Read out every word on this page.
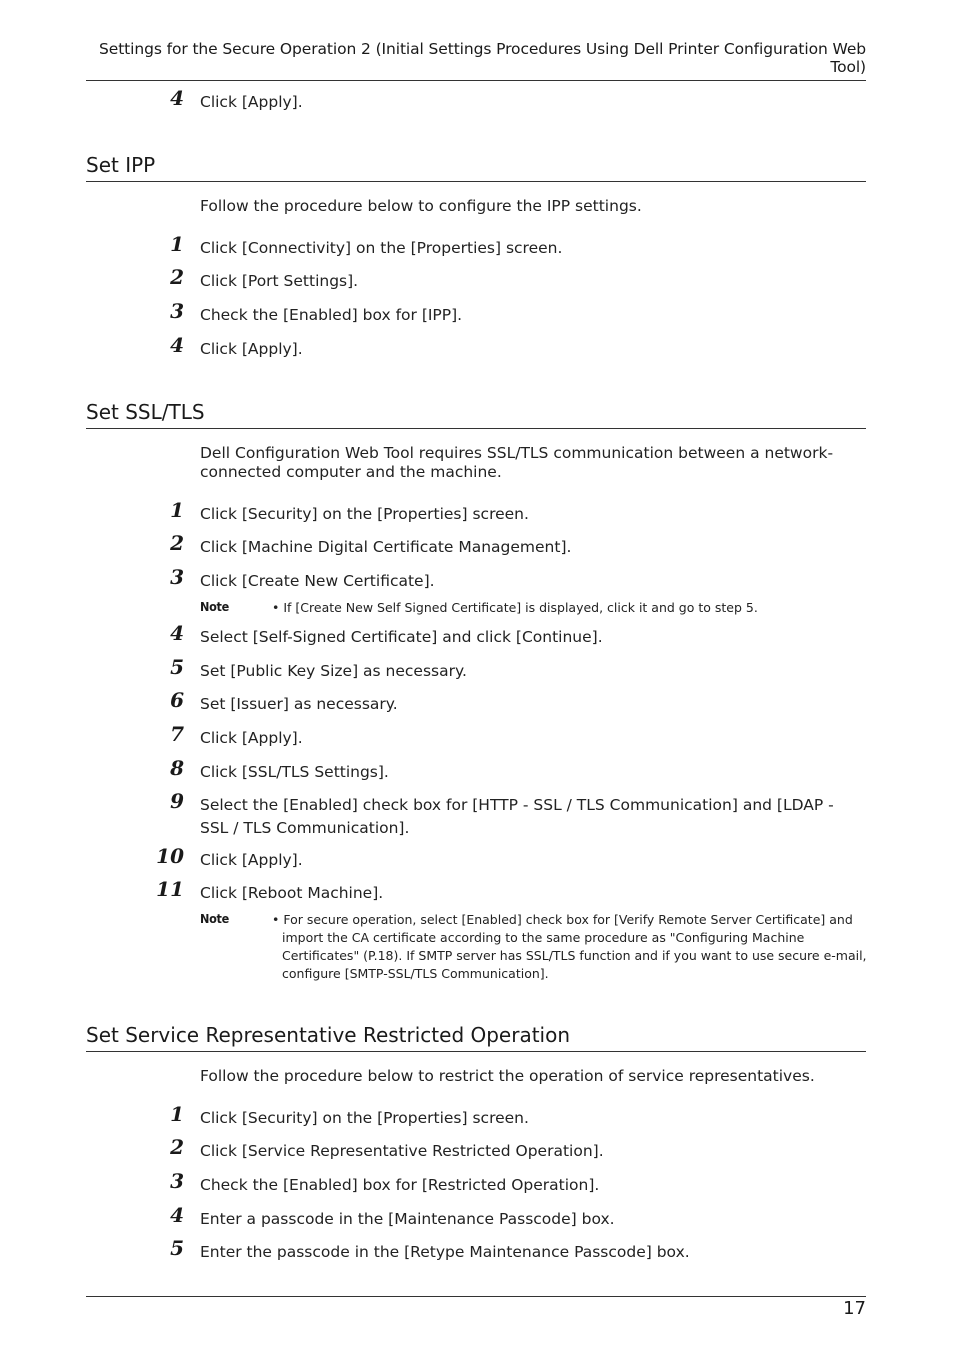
Settings for the Secure Operation 2 (Initial Settings Procedures Using Dell Printer Configuration Web Tool)
4 Click [Apply].
Set IPP
Follow the procedure below to configure the IPP settings.
1 Click [Connectivity] on the [Properties] screen.
2 Click [Port Settings].
3 Check the [Enabled] box for [IPP].
4 Click [Apply].
Set SSL/TLS
Dell Configuration Web Tool requires SSL/TLS communication between a network-connected computer and the machine.
1 Click [Security] on the [Properties] screen.
2 Click [Machine Digital Certificate Management].
3 Click [Create New Certificate].
Note	• If [Create New Self Signed Certificate] is displayed, click it and go to step 5.
4 Select [Self-Signed Certificate] and click [Continue].
5 Set [Public Key Size] as necessary.
6 Set [Issuer] as necessary.
7 Click [Apply].
8 Click [SSL/TLS Settings].
9 Select the [Enabled] check box for [HTTP - SSL / TLS Communication] and [LDAP - SSL / TLS Communication].
10 Click [Apply].
11 Click [Reboot Machine].
Note	• For secure operation, select [Enabled] check box for [Verify Remote Server Certificate] and import the CA certificate according to the same procedure as "Configuring Machine Certificates" (P.18). If SMTP server has SSL/TLS function and if you want to use secure e-mail, configure [SMTP-SSL/TLS Communication].
Set Service Representative Restricted Operation
Follow the procedure below to restrict the operation of service representatives.
1 Click [Security] on the [Properties] screen.
2 Click [Service Representative Restricted Operation].
3 Check the [Enabled] box for [Restricted Operation].
4 Enter a passcode in the [Maintenance Passcode] box.
5 Enter the passcode in the [Retype Maintenance Passcode] box.
17
